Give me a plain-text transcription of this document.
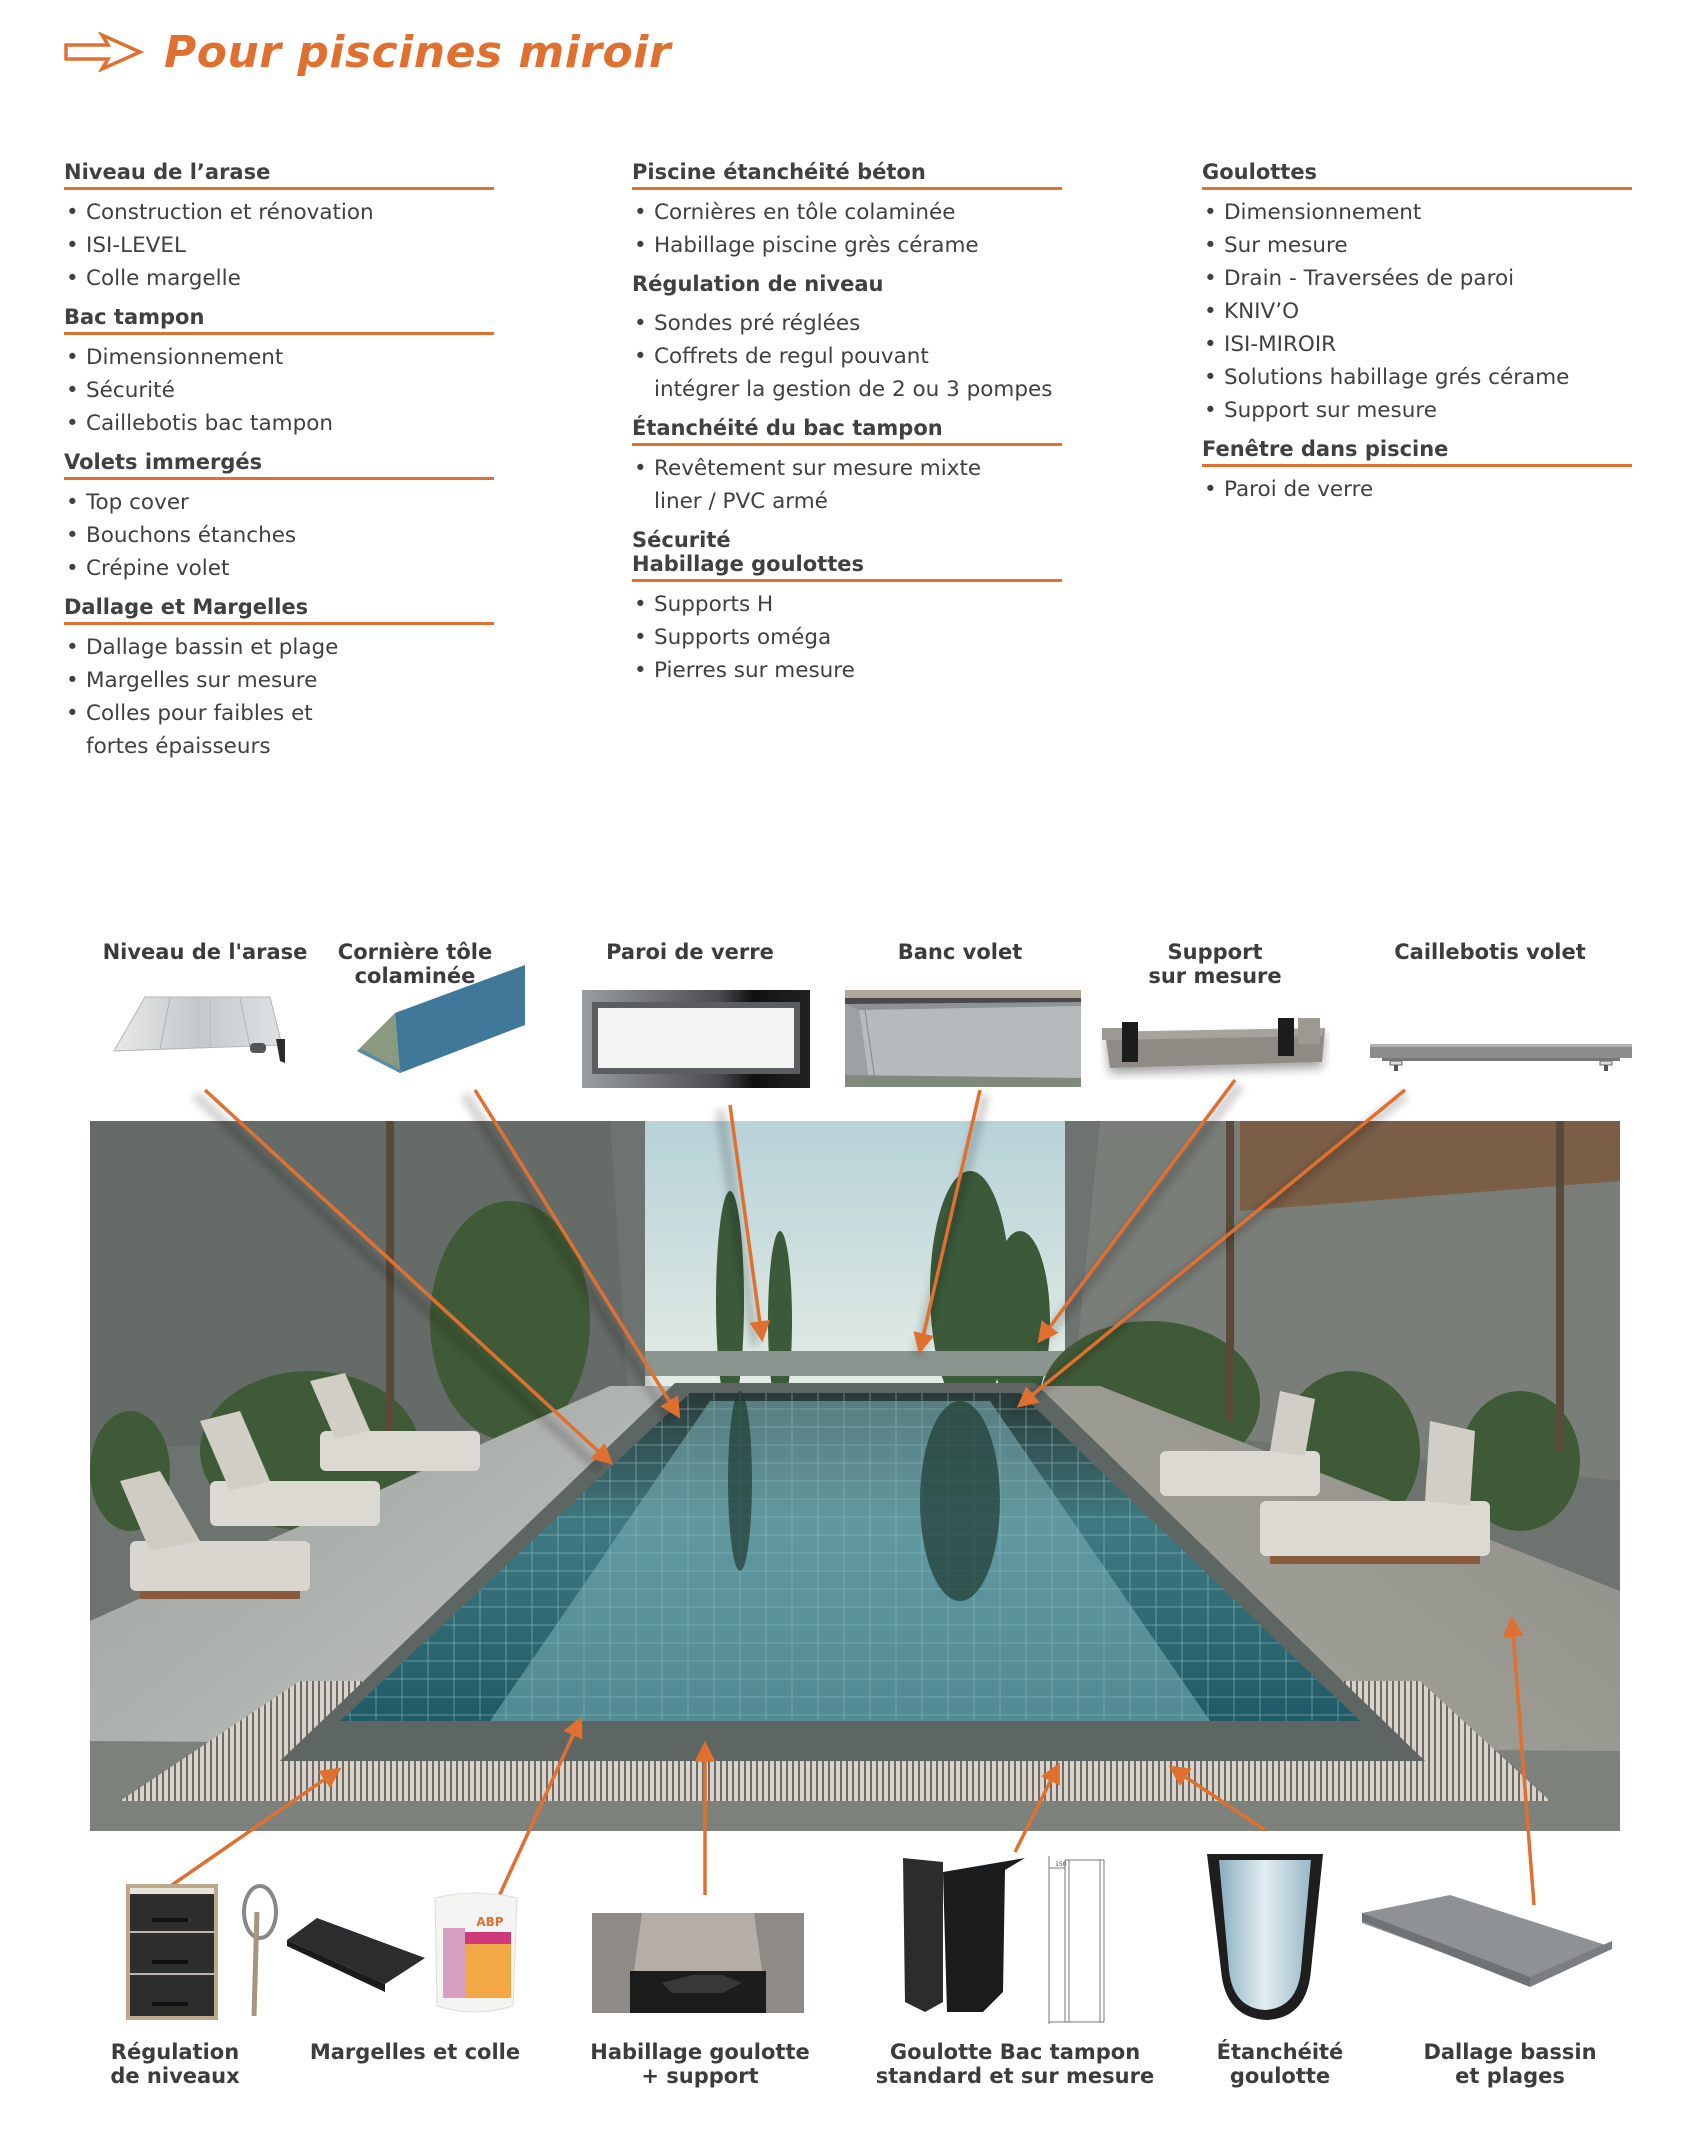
Pour piscines miroir
Niveau de l’arase
• Construction et rénovation
• ISI-LEVEL
• Colle margelle
Bac tampon
• Dimensionnement
• Sécurité
• Caillebotis bac tampon
Volets immergés
• Top cover
• Bouchons étanches
• Crépine volet
Dallage et Margelles
• Dallage bassin et plage
• Margelles sur mesure
• Colles pour faibles et
fortes épaisseurs
Piscine étanchéité béton
• Cornières en tôle colaminée
• Habillage piscine grès cérame
Régulation de niveau
• Sondes pré réglées
• Coffrets de regul pouvant
intégrer la gestion de 2 ou 3 pompes
Étanchéité du bac tampon
• Revêtement sur mesure mixte
liner / PVC armé
Sécurité
Habillage goulottes
• Supports H
• Supports oméga
• Pierres sur mesure
Goulottes
• Dimensionnement
• Sur mesure
• Drain - Traversées de paroi
• KNIV’O
• ISI-MIROIR
• Solutions habillage grés cérame
• Support sur mesure
Fenêtre dans piscine
• Paroi de verre
Niveau de l'arase	Cornière tôle
colaminée
Paroi de verre	Banc volet	Support
sur mesure
Caillebotis volet
ABP
150
Régulation
de niveaux
Margelles et colle	Habillage goulotte
+ support
Goulotte Bac tampon
standard et sur mesure
Étanchéité
goulotte
Dallage bassin
et plages
